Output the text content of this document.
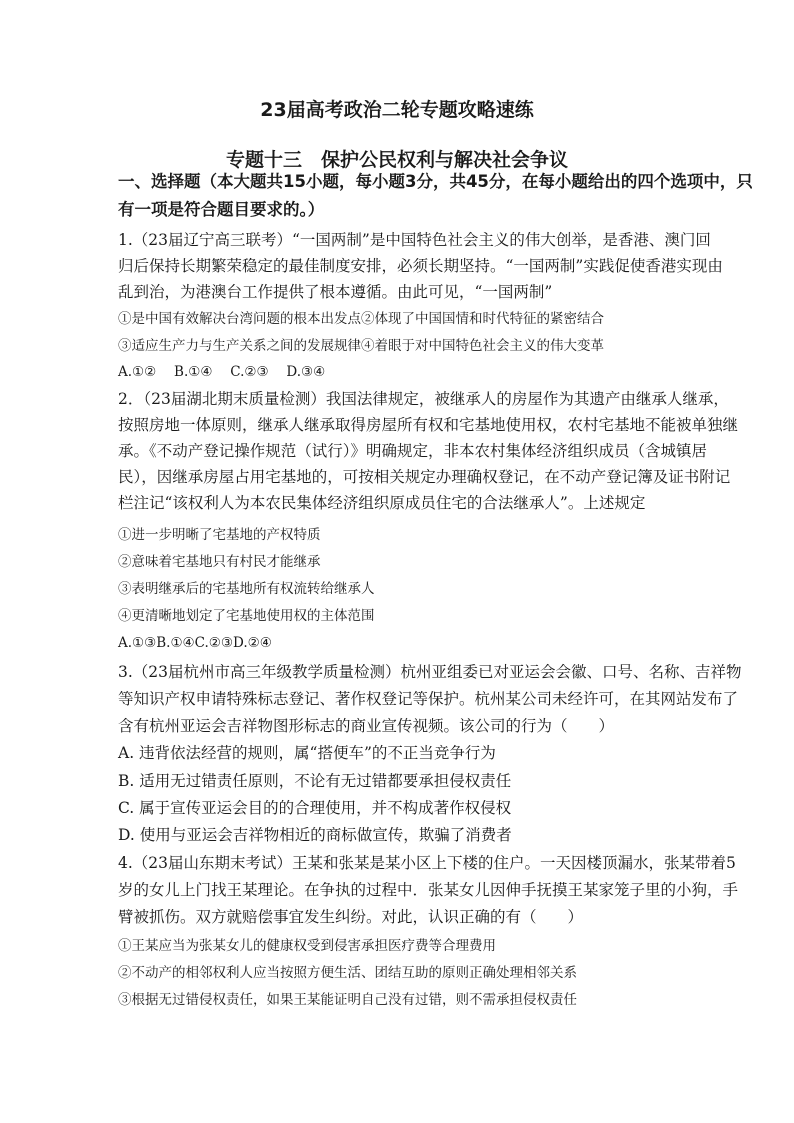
23届高考政治二轮专题攻略速练
专题十三　保护公民权利与解决社会争议
一、选择题（本大题共15小题，每小题3分，共45分，在每小题给出的四个选项中，只
有一项是符合题目要求的。）
1.（23届辽宁高三联考）“一国两制”是中国特色社会主义的伟大创举，是香港、澳门回
归后保持长期繁荣稳定的最佳制度安排，必须长期坚持。“一国两制”实践促使香港实现由
乱到治，为港澳台工作提供了根本遵循。由此可见，“一国两制”
①是中国有效解决台湾问题的根本出发点②体现了中国国情和时代特征的紧密结合
③适应生产力与生产关系之间的发展规律④着眼于对中国特色社会主义的伟大变革
A.①②　 B.①④　 C.②③　 D.③④
2．（23届湖北期末质量检测）我国法律规定，被继承人的房屋作为其遗产由继承人继承，
按照房地一体原则，继承人继承取得房屋所有权和宅基地使用权，农村宅基地不能被单独继
承。《不动产登记操作规范（试行）》明确规定，非本农村集体经济组织成员（含城镇居
民），因继承房屋占用宅基地的，可按相关规定办理确权登记，在不动产登记簿及证书附记
栏注记“该权利人为本农民集体经济组织原成员住宅的合法继承人”。上述规定
①进一步明晰了宅基地的产权特质
②意味着宅基地只有村民才能继承
③表明继承后的宅基地所有权流转给继承人
④更清晰地划定了宅基地使用权的主体范围
A.①③B.①④C.②③D.②④
3.（23届杭州市高三年级教学质量检测）杭州亚组委已对亚运会会徽、口号、名称、吉祥物
等知识产权申请特殊标志登记、著作权登记等保护。杭州某公司未经许可，在其网站发布了
含有杭州亚运会吉祥物图形标志的商业宣传视频。该公司的行为（　　）
A. 违背依法经营的规则，属“搭便车”的不正当竞争行为
B. 适用无过错责任原则，不论有无过错都要承担侵权责任
C. 属于宣传亚运会目的的合理使用，并不构成著作权侵权
D. 使用与亚运会吉祥物相近的商标做宣传，欺骗了消费者
4.（23届山东期末考试）王某和张某是某小区上下楼的住户。一天因楼顶漏水，张某带着5
岁的女儿上门找王某理论。在争执的过程中．张某女儿因伸手抚摸王某家笼子里的小狗，手
臂被抓伤。双方就赔偿事宜发生纠纷。对此，认识正确的有（　　）
①王某应当为张某女儿的健康权受到侵害承担医疗费等合理费用
②不动产的相邻权利人应当按照方便生活、团结互助的原则正确处理相邻关系
③根据无过错侵权责任，如果王某能证明自己没有过错，则不需承担侵权责任
